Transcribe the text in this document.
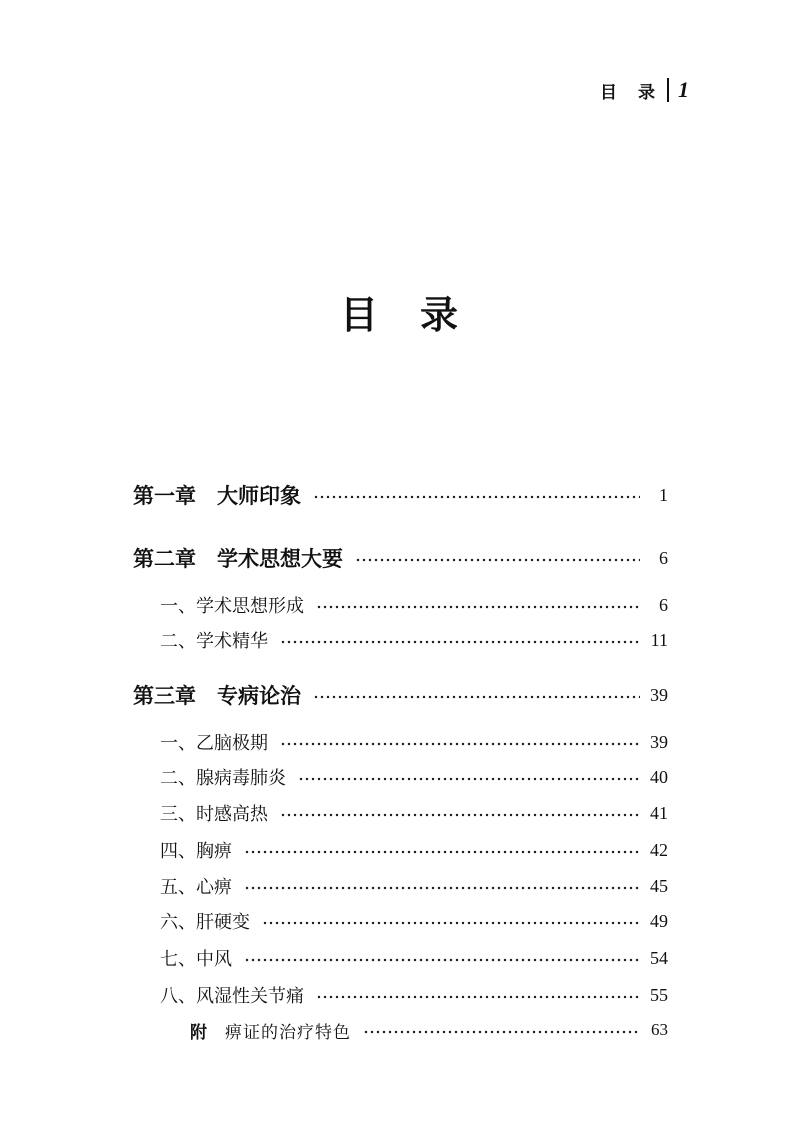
目　录 1
目　录
第一章　大师印象	1
第二章　学术思想大要	6
一、学术思想形成	6
二、学术精华	11
第三章　专病论治	39
一、乙脑极期	39
二、腺病毒肺炎	40
三、时感高热	41
四、胸痹	42
五、心痹	45
六、肝硬变	49
七、中风	54
八、风湿性关节痛	55
附 痹证的治疗特色	63
